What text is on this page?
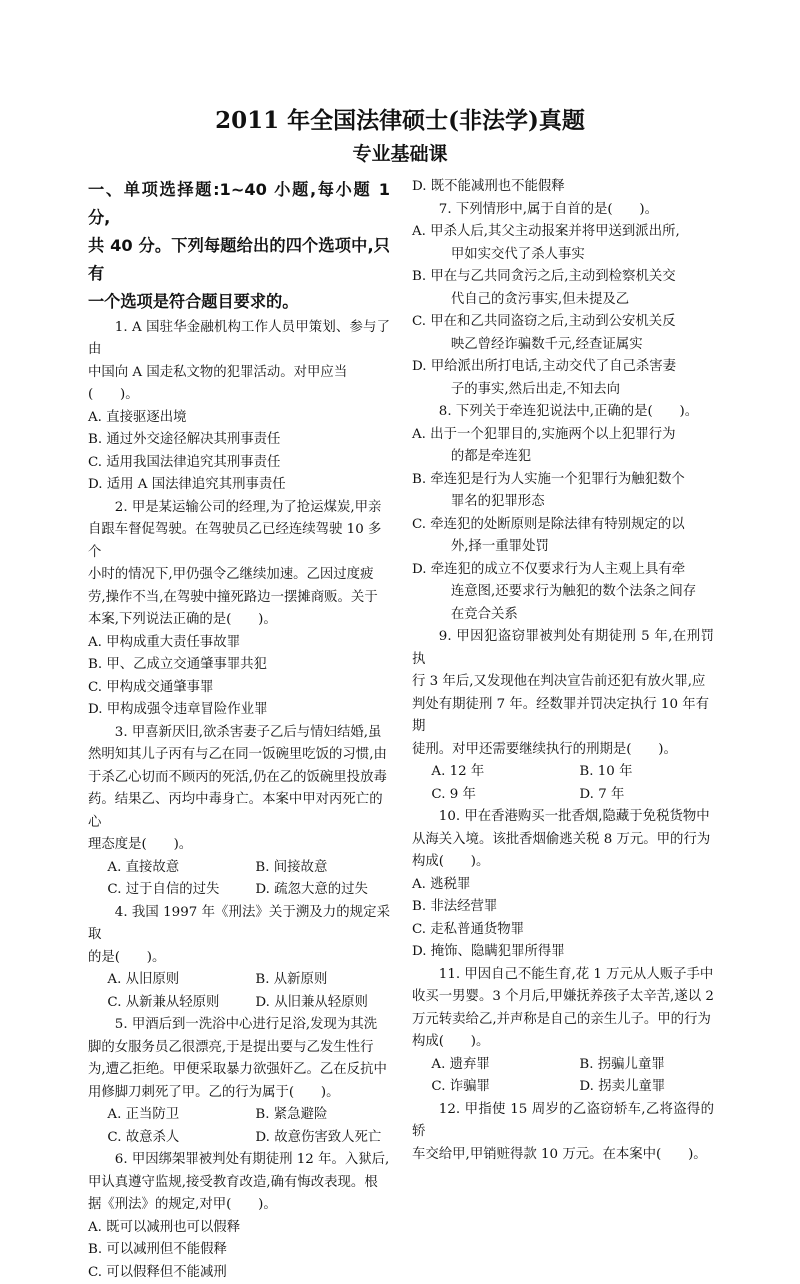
2011 年全国法律硕士(非法学)真题
专业基础课

一、单项选择题:1~40 小题,每小题 1 分,

共 40 分。下列每题给出的四个选项中,只有

一个选项是符合题目要求的。

1. A 国驻华金融机构工作人员甲策划、参与了由

中国向 A 国走私文物的犯罪活动。对甲应当(　　)。

A. 直接驱逐出境

B. 通过外交途径解决其刑事责任

C. 适用我国法律追究其刑事责任

D. 适用 A 国法律追究其刑事责任

2. 甲是某运输公司的经理,为了抢运煤炭,甲亲

自跟车督促驾驶。在驾驶员乙已经连续驾驶 10 多个

小时的情况下,甲仍强令乙继续加速。乙因过度疲

劳,操作不当,在驾驶中撞死路边一摆摊商贩。关于

本案,下列说法正确的是(　　)。

A. 甲构成重大责任事故罪

B. 甲、乙成立交通肇事罪共犯

C. 甲构成交通肇事罪

D. 甲构成强令违章冒险作业罪

3. 甲喜新厌旧,欲杀害妻子乙后与情妇结婚,虽

然明知其儿子丙有与乙在同一饭碗里吃饭的习惯,由

于杀乙心切而不顾丙的死活,仍在乙的饭碗里投放毒

药。结果乙、丙均中毒身亡。本案中甲对丙死亡的心

理态度是(　　)。

A. 直接故意	B. 间接故意
C. 过于自信的过失	D. 疏忽大意的过失

4. 我国 1997 年《刑法》关于溯及力的规定采取

的是(　　)。

A. 从旧原则	B. 从新原则
C. 从新兼从轻原则	D. 从旧兼从轻原则

5. 甲酒后到一洗浴中心进行足浴,发现为其洗

脚的女服务员乙很漂亮,于是提出要与乙发生性行

为,遭乙拒绝。甲便采取暴力欲强奸乙。乙在反抗中

用修脚刀刺死了甲。乙的行为属于(　　)。

A. 正当防卫	B. 紧急避险
C. 故意杀人	D. 故意伤害致人死亡

6. 甲因绑架罪被判处有期徒刑 12 年。入狱后,

甲认真遵守监规,接受教育改造,确有悔改表现。根

据《刑法》的规定,对甲(　　)。

A. 既可以减刑也可以假释

B. 可以减刑但不能假释

C. 可以假释但不能减刑

D. 既不能减刑也不能假释

7. 下列情形中,属于自首的是(　　)。

A. 甲杀人后,其父主动报案并将甲送到派出所,

甲如实交代了杀人事实

B. 甲在与乙共同贪污之后,主动到检察机关交

代自己的贪污事实,但未提及乙

C. 甲在和乙共同盗窃之后,主动到公安机关反

映乙曾经诈骗数千元,经查证属实

D. 甲给派出所打电话,主动交代了自己杀害妻

子的事实,然后出走,不知去向

8. 下列关于牵连犯说法中,正确的是(　　)。

A. 出于一个犯罪目的,实施两个以上犯罪行为

的都是牵连犯

B. 牵连犯是行为人实施一个犯罪行为触犯数个

罪名的犯罪形态

C. 牵连犯的处断原则是除法律有特别规定的以

外,择一重罪处罚

D. 牵连犯的成立不仅要求行为人主观上具有牵

连意图,还要求行为触犯的数个法条之间存

在竞合关系

9. 甲因犯盗窃罪被判处有期徒刑 5 年,在刑罚执

行 3 年后,又发现他在判决宣告前还犯有放火罪,应

判处有期徒刑 7 年。经数罪并罚决定执行 10 年有期

徒刑。对甲还需要继续执行的刑期是(　　)。

A. 12 年	B. 10 年
C. 9 年	D. 7 年

10. 甲在香港购买一批香烟,隐藏于免税货物中

从海关入境。该批香烟偷逃关税 8 万元。甲的行为

构成(　　)。

A. 逃税罪

B. 非法经营罪

C. 走私普通货物罪

D. 掩饰、隐瞒犯罪所得罪

11. 甲因自己不能生育,花 1 万元从人贩子手中

收买一男婴。3 个月后,甲嫌抚养孩子太辛苦,遂以 2

万元转卖给乙,并声称是自己的亲生儿子。甲的行为

构成(　　)。

A. 遗弃罪	B. 拐骗儿童罪
C. 诈骗罪	D. 拐卖儿童罪

12. 甲指使 15 周岁的乙盗窃轿车,乙将盗得的轿

车交给甲,甲销赃得款 10 万元。在本案中(　　)。
